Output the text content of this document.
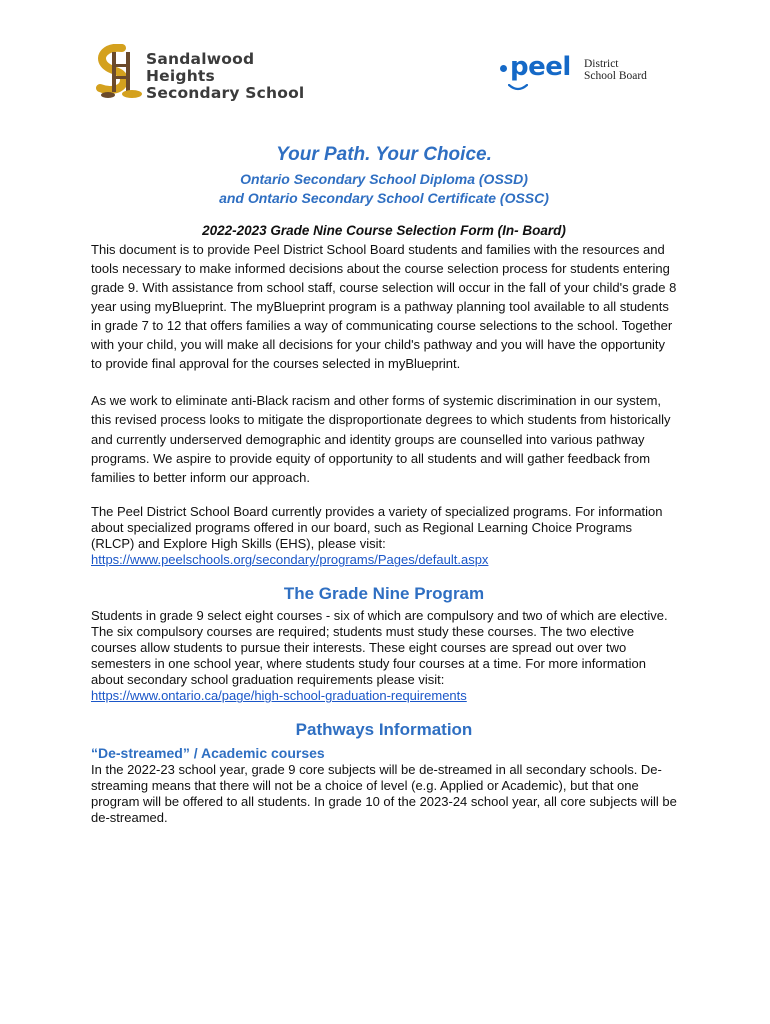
Sandalwood Heights
Secondary School
peel District
School Board
Your Path. Your Choice.
Ontario Secondary School Diploma (OSSD)
and Ontario Secondary School Certificate (OSSC)
2022-2023 Grade Nine Course Selection Form (In- Board)

This document is to provide Peel District School Board students and families with the resources and tools necessary to make informed decisions about the course selection process for students entering grade 9. With assistance from school staff, course selection will occur in the fall of your child's grade 8 year using myBlueprint. The myBlueprint program is a pathway planning tool available to all students in grade 7 to 12 that offers families a way of communicating course selections to the school. Together with your child, you will make all decisions for your child's pathway and you will have the opportunity to provide final approval for the courses selected in myBlueprint.

As we work to eliminate anti-Black racism and other forms of systemic discrimination in our system, this revised process looks to mitigate the disproportionate degrees to which students from historically and currently underserved demographic and identity groups are counselled into various pathway programs. We aspire to provide equity of opportunity to all students and will gather feedback from families to better inform our approach.

The Peel District School Board currently provides a variety of specialized programs. For information about specialized programs offered in our board, such as Regional Learning Choice Programs (RLCP) and Explore High Skills (EHS), please visit:
https://www.peelschools.org/secondary/programs/Pages/default.aspx

The Grade Nine Program

Students in grade 9 select eight courses - six of which are compulsory and two of which are elective. The six compulsory courses are required; students must study these courses. The two elective courses allow students to pursue their interests. These eight courses are spread out over two semesters in one school year, where students study four courses at a time. For more information about secondary school graduation requirements please visit:
https://www.ontario.ca/page/high-school-graduation-requirements

Pathways Information
“De-streamed” / Academic courses

In the 2022-23 school year, grade 9 core subjects will be de-streamed in all secondary schools. De-streaming means that there will not be a choice of level (e.g. Applied or Academic), but that one program will be offered to all students. In grade 10 of the 2023-24 school year, all core subjects will be de-streamed.
